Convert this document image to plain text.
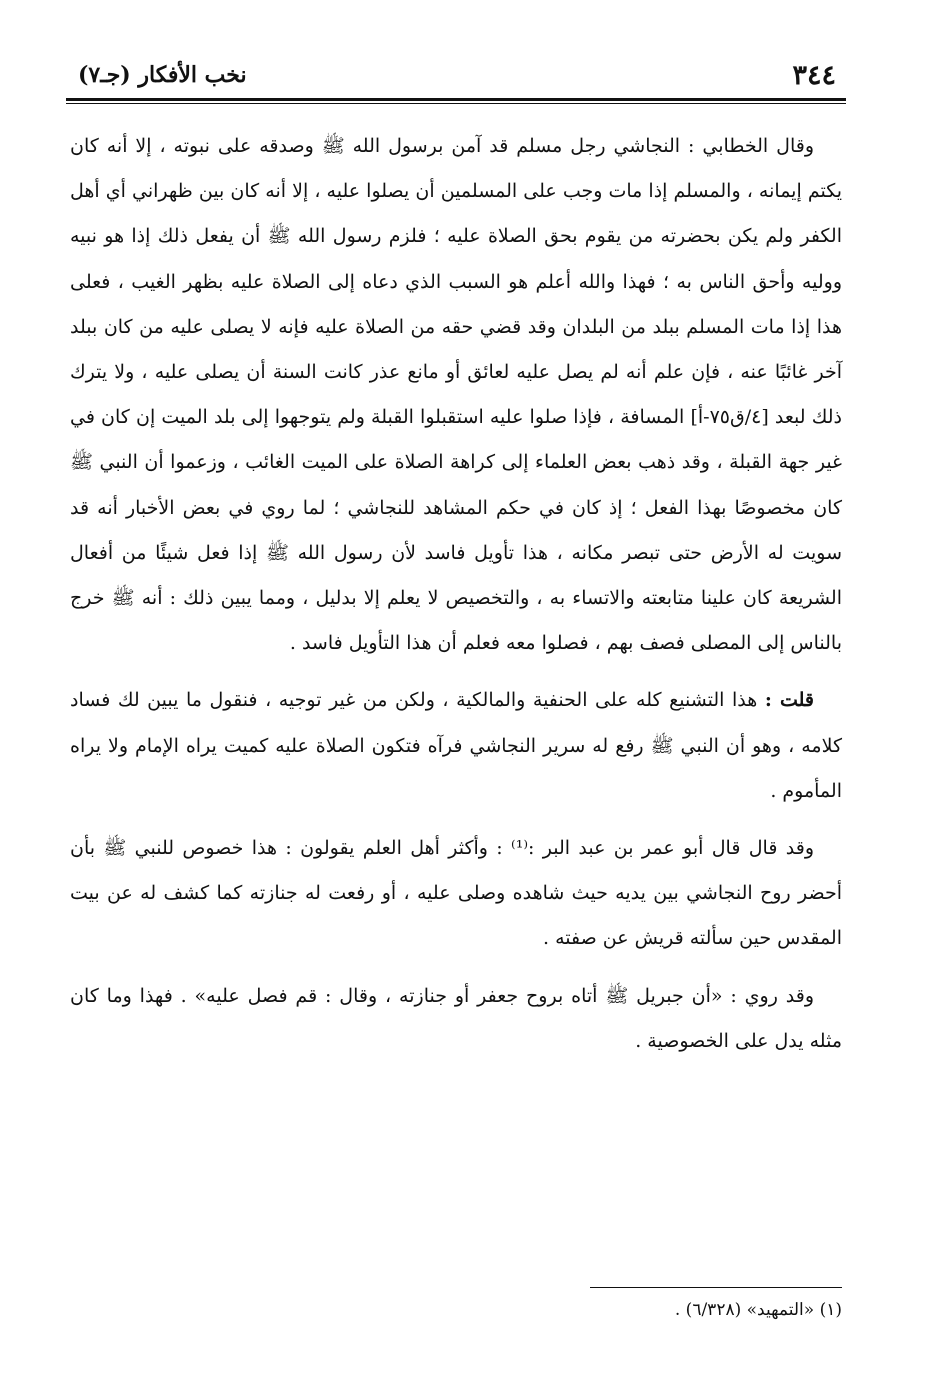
٣٤٤
نخب الأفكار (جـ٧)

وقال الخطابي : النجاشي رجل مسلم قد آمن برسول الله ﷺ وصدقه على نبوته ، إلا أنه كان يكتم إيمانه ، والمسلم إذا مات وجب على المسلمين أن يصلوا عليه ، إلا أنه كان بين ظهراني أي أهل الكفر ولم يكن بحضرته من يقوم بحق الصلاة عليه ؛ فلزم رسول الله ﷺ أن يفعل ذلك إذا هو نبيه ووليه وأحق الناس به ؛ فهذا والله أعلم هو السبب الذي دعاه إلى الصلاة عليه بظهر الغيب ، فعلى هذا إذا مات المسلم ببلد من البلدان وقد قضي حقه من الصلاة عليه فإنه لا يصلى عليه من كان ببلد آخر غائبًا عنه ، فإن علم أنه لم يصل عليه لعائق أو مانع عذر كانت السنة أن يصلى عليه ، ولا يترك ذلك لبعد [٤/ق٧٥-أ] المسافة ، فإذا صلوا عليه استقبلوا القبلة ولم يتوجهوا إلى بلد الميت إن كان في غير جهة القبلة ، وقد ذهب بعض العلماء إلى كراهة الصلاة على الميت الغائب ، وزعموا أن النبي ﷺ كان مخصوصًا بهذا الفعل ؛ إذ كان في حكم المشاهد للنجاشي ؛ لما روي في بعض الأخبار أنه قد سويت له الأرض حتى تبصر مكانه ، هذا تأويل فاسد لأن رسول الله ﷺ إذا فعل شيئًا من أفعال الشريعة كان علينا متابعته والاتساء به ، والتخصيص لا يعلم إلا بدليل ، ومما يبين ذلك : أنه ﷺ خرج بالناس إلى المصلى فصف بهم ، فصلوا معه فعلم أن هذا التأويل فاسد .

قلت : هذا التشنيع كله على الحنفية والمالكية ، ولكن من غير توجيه ، فنقول ما يبين لك فساد كلامه ، وهو أن النبي ﷺ رفع له سرير النجاشي فرآه فتكون الصلاة عليه كميت يراه الإمام ولا يراه المأموم .

وقد قال قال أبو عمر بن عبد البر :⁽¹⁾ : وأكثر أهل العلم يقولون : هذا خصوص للنبي ﷺ بأن أحضر روح النجاشي بين يديه حيث شاهده وصلى عليه ، أو رفعت له جنازته كما كشف له عن بيت المقدس حين سألته قريش عن صفته .

وقد روي : «أن جبريل ﷺ أتاه بروح جعفر أو جنازته ، وقال : قم فصل عليه» . فهذا وما كان مثله يدل على الخصوصية .

(١) «التمهيد» (٦/٣٢٨) .
